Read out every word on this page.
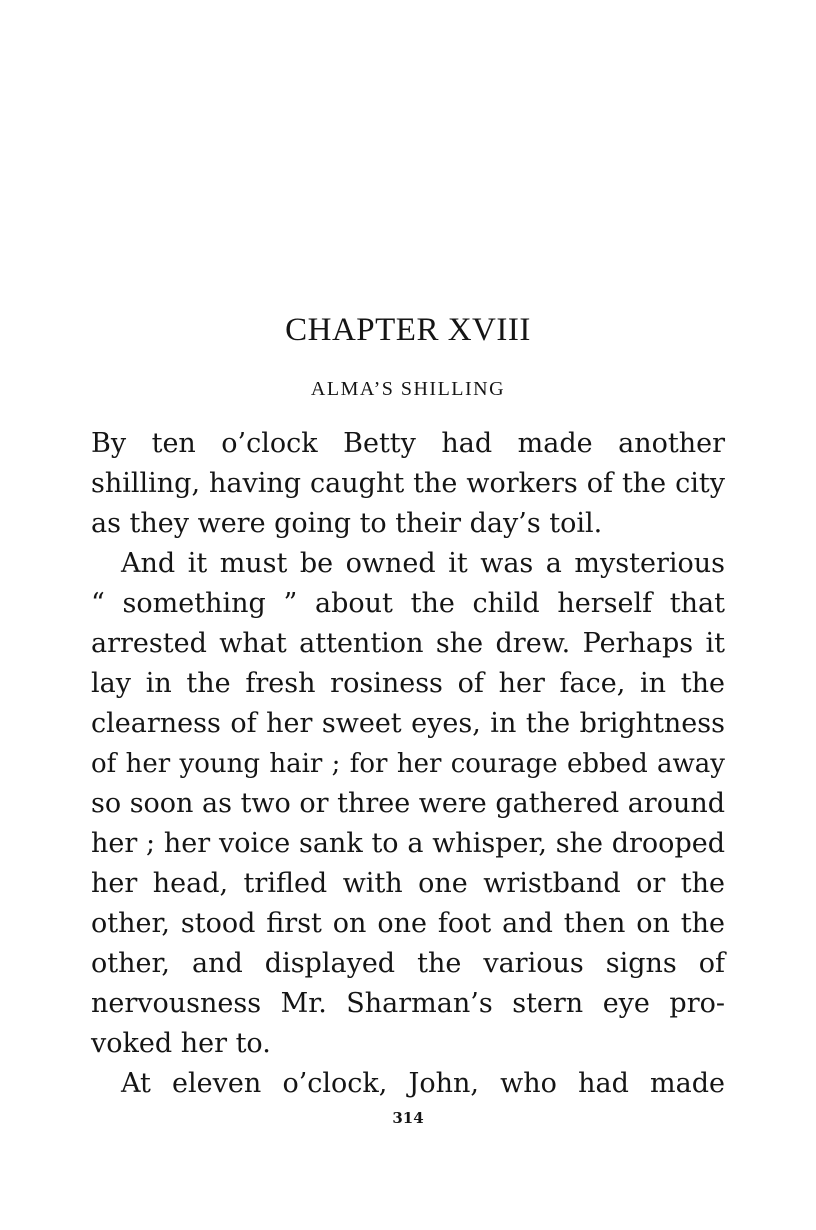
CHAPTER XVIII
ALMA’S SHILLING
By ten o’clock Betty had made another
shilling, having caught the workers of the city
as they were going to their day’s toil.
And it must be owned it was a mysterious
“ something ” about the child herself that
arrested what attention she drew. Perhaps it
lay in the fresh rosiness of her face, in the
clearness of her sweet eyes, in the brightness
of her young hair ; for her courage ebbed away
so soon as two or three were gathered around
her ; her voice sank to a whisper, she drooped
her head, trifled with one wristband or the
other, stood first on one foot and then on the
other, and displayed the various signs of
nervousness Mr. Sharman’s stern eye pro-
voked her to.
At eleven o’clock, John, who had made
314
